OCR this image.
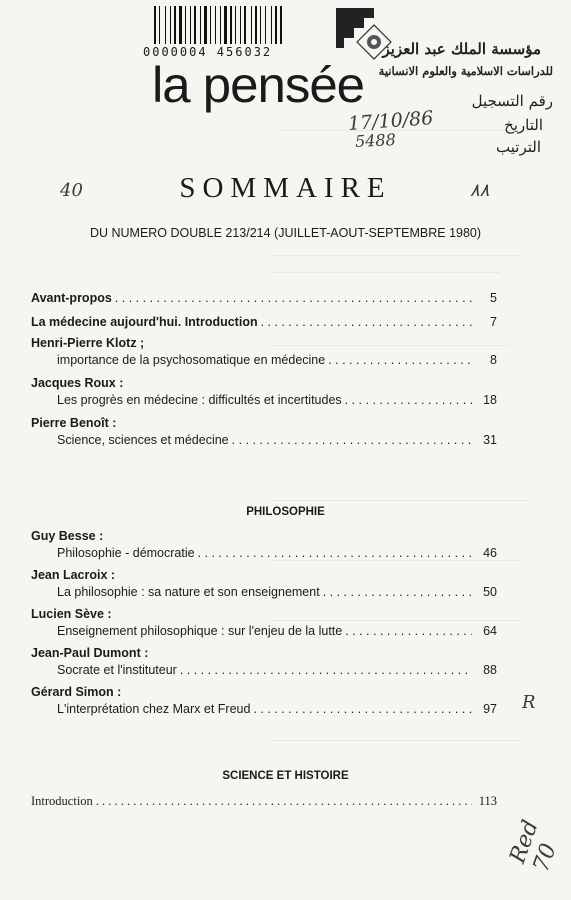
0000004 456032	مؤسسة الملك عبد العزيز
للدراسات الاسلامية والعلوم الانسانية
رقم التسجيل
التاريخ
الترتيب
la pensée
17/10/86
5488
40	٨٨
R
Red 70
SOMMAIRE
DU NUMERO DOUBLE 213/214 (JUILLET-AOUT-SEPTEMBRE 1980)
Avant-propos . . .	5
La médecine aujourd'hui. Introduction . . .	7
Henri-Pierre Klotz ;
importance de la psychosomatique en médecine . . .	8
Jacques Roux :
Les progrès en médecine : difficultés et incertitudes . . .	18
Pierre Benoît :
Science, sciences et médecine . . .	31
PHILOSOPHIE
Guy Besse :
Philosophie - démocratie . . .	46
Jean Lacroix :
La philosophie : sa nature et son enseignement . . .	50
Lucien Sève :
Enseignement philosophique : sur l'enjeu de la lutte . . .	64
Jean-Paul Dumont :
Socrate et l'instituteur . . .	88
Gérard Simon :
L'interprétation chez Marx et Freud . . .	97
SCIENCE ET HISTOIRE
Introduction . . .	113
